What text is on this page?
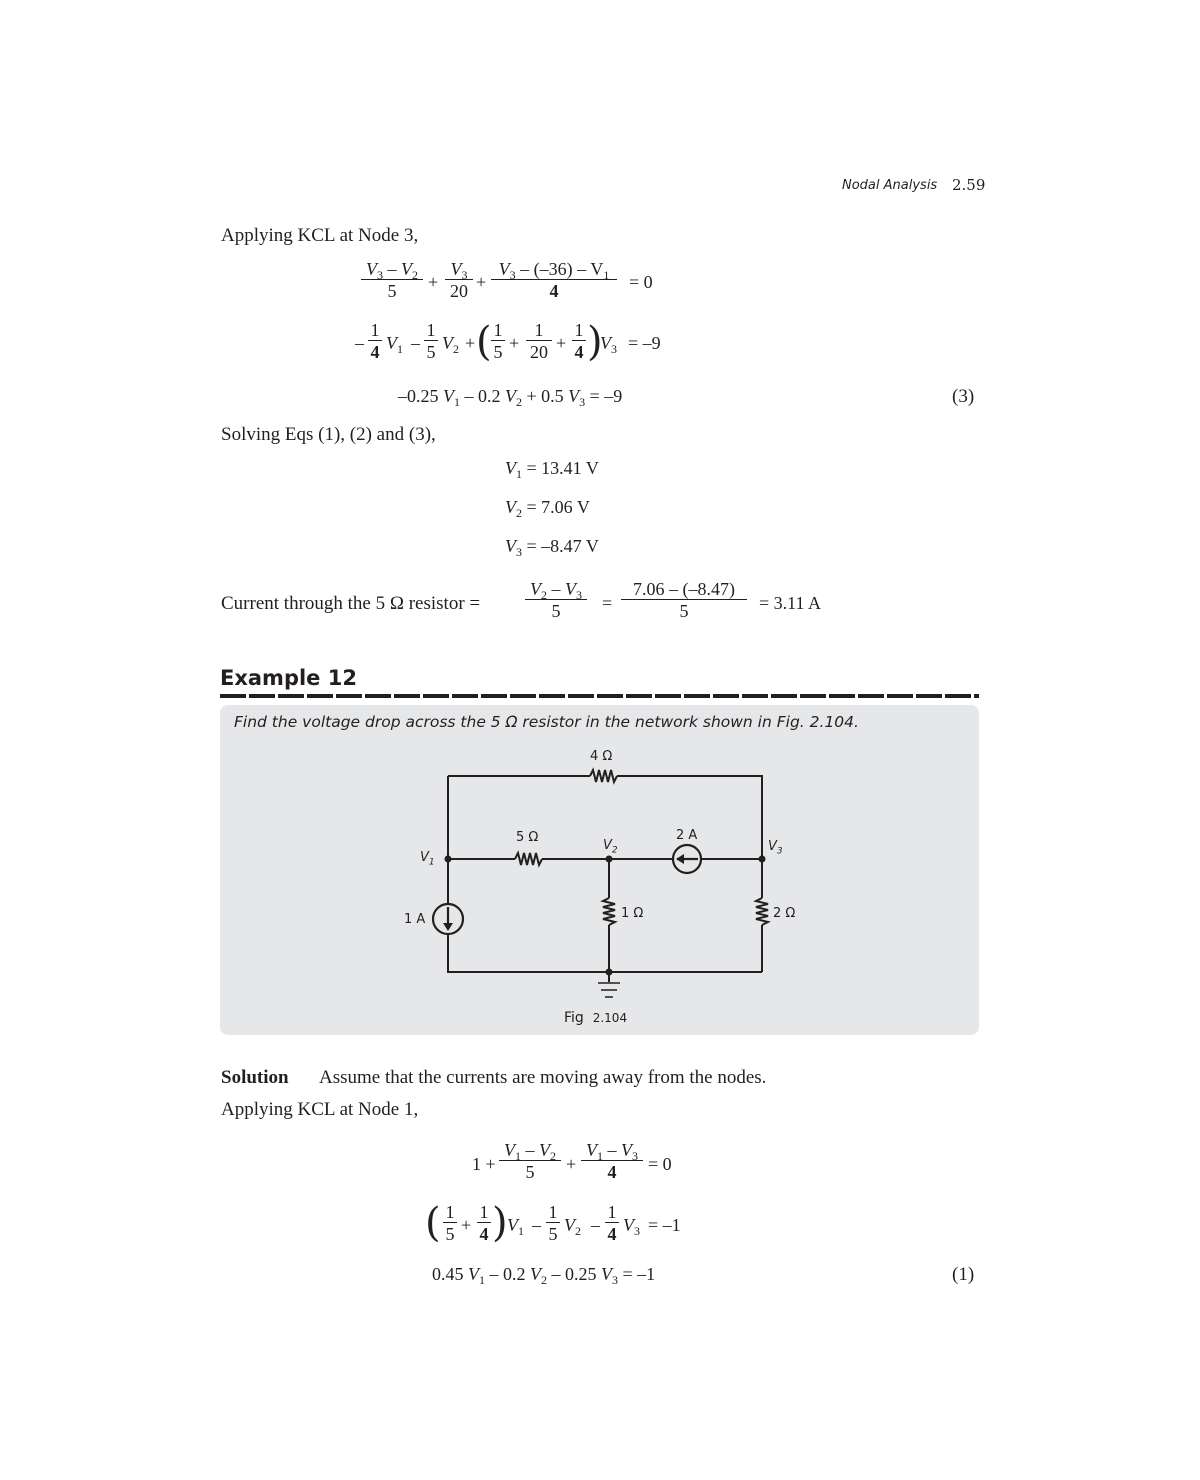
Nodal Analysis 2.59
Applying KCL at Node 3,
$V_3 - V_2$
5	+
$V_3$
20 +
$V_3 - (-36) - V_1$
4	= 0
–
1
4 $V_1$ –
1
5 $V_2$ + ( 1
5 +
1
20 +
1
4 )
$V_3 = -9$
–0.25 $V_1 - 0.2$ $V_2 + 0.5$ $V_3 = -9$	(3)
Solving Eqs (1), (2) and (3),
$V_1 = 13.41$ V
$V_2 = 7.06$ V
$V_3 = -8.47$ V
Current through the 5 Ω resistor =
$V_2 - V_3$
5	=
7.06 – (–8.47)
5	= 3.11 A
Example 12
Find the voltage drop across the 5 Ω resistor in the network shown in Fig. 2.104.
4 Ω
5 Ω	2 A
1 A	1 Ω	2 Ω
$V_1$
$V_2$	$V_3$
Fig 2.104
Solution Assume that the currents are moving away from the nodes.
Applying KCL at Node 1,
1 +
$V_1 - V_2$
5	+
$V_1 - V_3$
4	= 0
( 1
5 +
1
4 ) $V_1$ –
1
5 $V_2$ –
1
4 $V_3 = -1$
0.45 $V_1 - 0.2$ $V_2 - 0.25$ $V_3 = -1$	(1)
